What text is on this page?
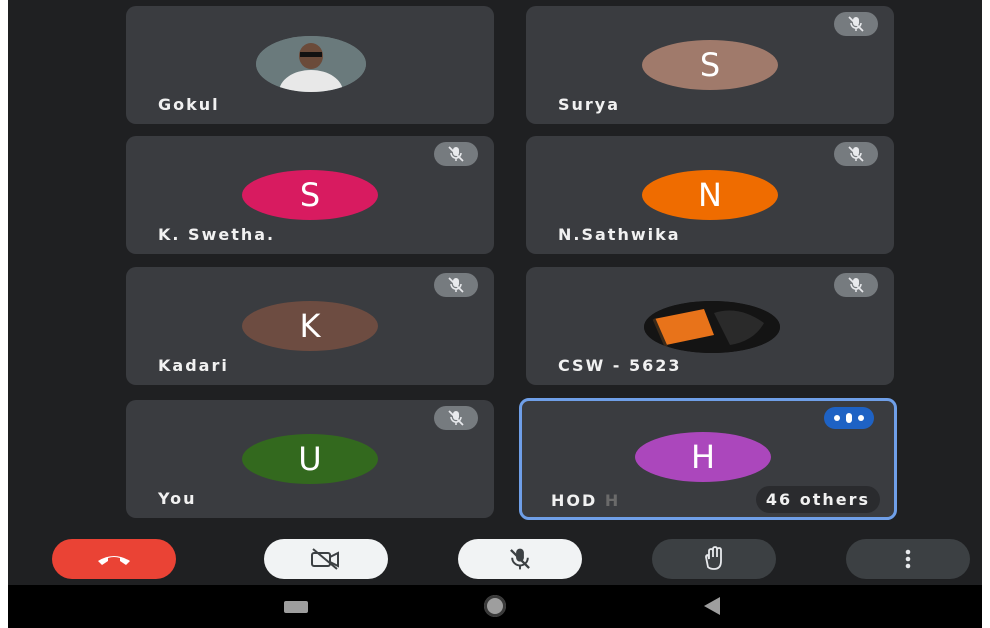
Gokul
S
Surya
S
K. Swetha.
N
N.Sathwika
K
Kadari	CSW - 5623
U
You
H
HOD H	46 others
